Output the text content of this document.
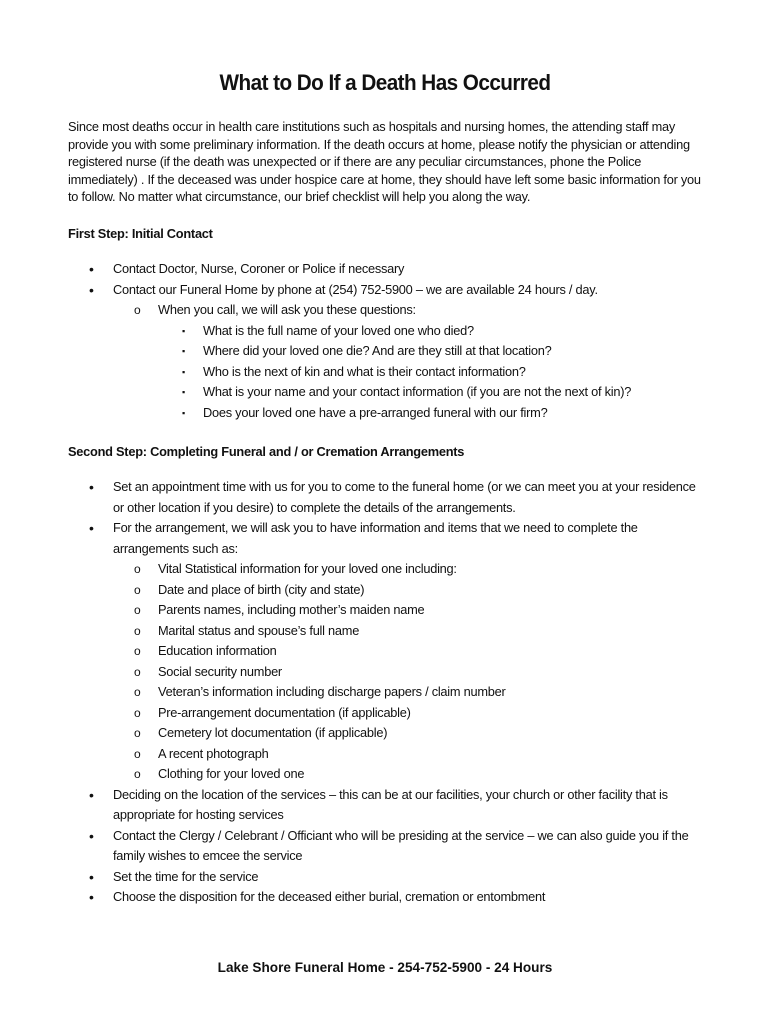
What to Do If a Death Has Occurred
Since most deaths occur in health care institutions such as hospitals and nursing homes, the attending staff may provide you with some preliminary information. If the death occurs at home, please notify the physician or attending registered nurse (if the death was unexpected or if there are any peculiar circumstances, phone the Police immediately) . If the deceased was under hospice care at home, they should have left some basic information for you to follow. No matter what circumstance, our brief checklist will help you along the way.
First Step: Initial Contact
• Contact Doctor, Nurse, Coroner or Police if necessary
• Contact our Funeral Home by phone at (254) 752-5900 – we are available 24 hours / day.
o When you call, we will ask you these questions:
▪ What is the full name of your loved one who died?
▪ Where did your loved one die? And are they still at that location?
▪ Who is the next of kin and what is their contact information?
▪ What is your name and your contact information (if you are not the next of kin)?
▪ Does your loved one have a pre-arranged funeral with our firm?
Second Step: Completing Funeral and / or Cremation Arrangements
• Set an appointment time with us for you to come to the funeral home (or we can meet you at your residence or other location if you desire) to complete the details of the arrangements.
• For the arrangement, we will ask you to have information and items that we need to complete the arrangements such as:
o Vital Statistical information for your loved one including:
o Date and place of birth (city and state)
o Parents names, including mother’s maiden name
o Marital status and spouse’s full name
o Education information
o Social security number
o Veteran’s information including discharge papers / claim number
o Pre-arrangement documentation (if applicable)
o Cemetery lot documentation (if applicable)
o A recent photograph
o Clothing for your loved one
• Deciding on the location of the services – this can be at our facilities, your church or other facility that is appropriate for hosting services
• Contact the Clergy / Celebrant / Officiant who will be presiding at the service – we can also guide you if the family wishes to emcee the service
• Set the time for the service
• Choose the disposition for the deceased either burial, cremation or entombment
Lake Shore Funeral Home - 254-752-5900 - 24 Hours
